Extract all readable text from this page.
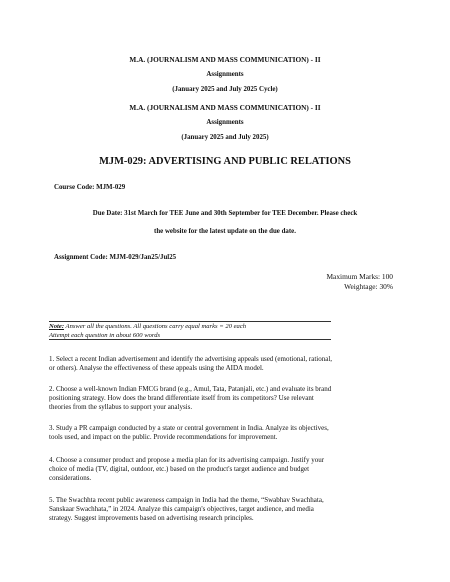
M.A. (JOURNALISM AND MASS COMMUNICATION) - II
Assignments
(January 2025 and July 2025 Cycle)
M.A. (JOURNALISM AND MASS COMMUNICATION) - II
Assignments
(January 2025 and July 2025)
MJM-029: ADVERTISING AND PUBLIC RELATIONS
Course Code: MJM-029
Due Date: 31st March for TEE June and 30th September for TEE December. Please check
the website for the latest update on the due date.
Assignment Code: MJM-029/Jan25/Jul25
Maximum Marks: 100
Weightage: 30%
Note: Answer all the questions. All questions carry equal marks = 20 each
Attempt each question in about 600 words
1. Select a recent Indian advertisement and identify the advertising appeals used (emotional, rational,
or others). Analyse the effectiveness of these appeals using the AIDA model.
2. Choose a well-known Indian FMCG brand (e.g., Amul, Tata, Patanjali, etc.) and evaluate its brand
positioning strategy. How does the brand differentiate itself from its competitors? Use relevant
theories from the syllabus to support your analysis.
3. Study a PR campaign conducted by a state or central government in India. Analyze its objectives,
tools used, and impact on the public. Provide recommendations for improvement.
4. Choose a consumer product and propose a media plan for its advertising campaign. Justify your
choice of media (TV, digital, outdoor, etc.) based on the product's target audience and budget
considerations.
5. The Swachhta recent public awareness campaign in India had the theme, “Swabhav Swachhata,
Sanskaar Swachhata,” in 2024. Analyze this campaign's objectives, target audience, and media
strategy. Suggest improvements based on advertising research principles.
